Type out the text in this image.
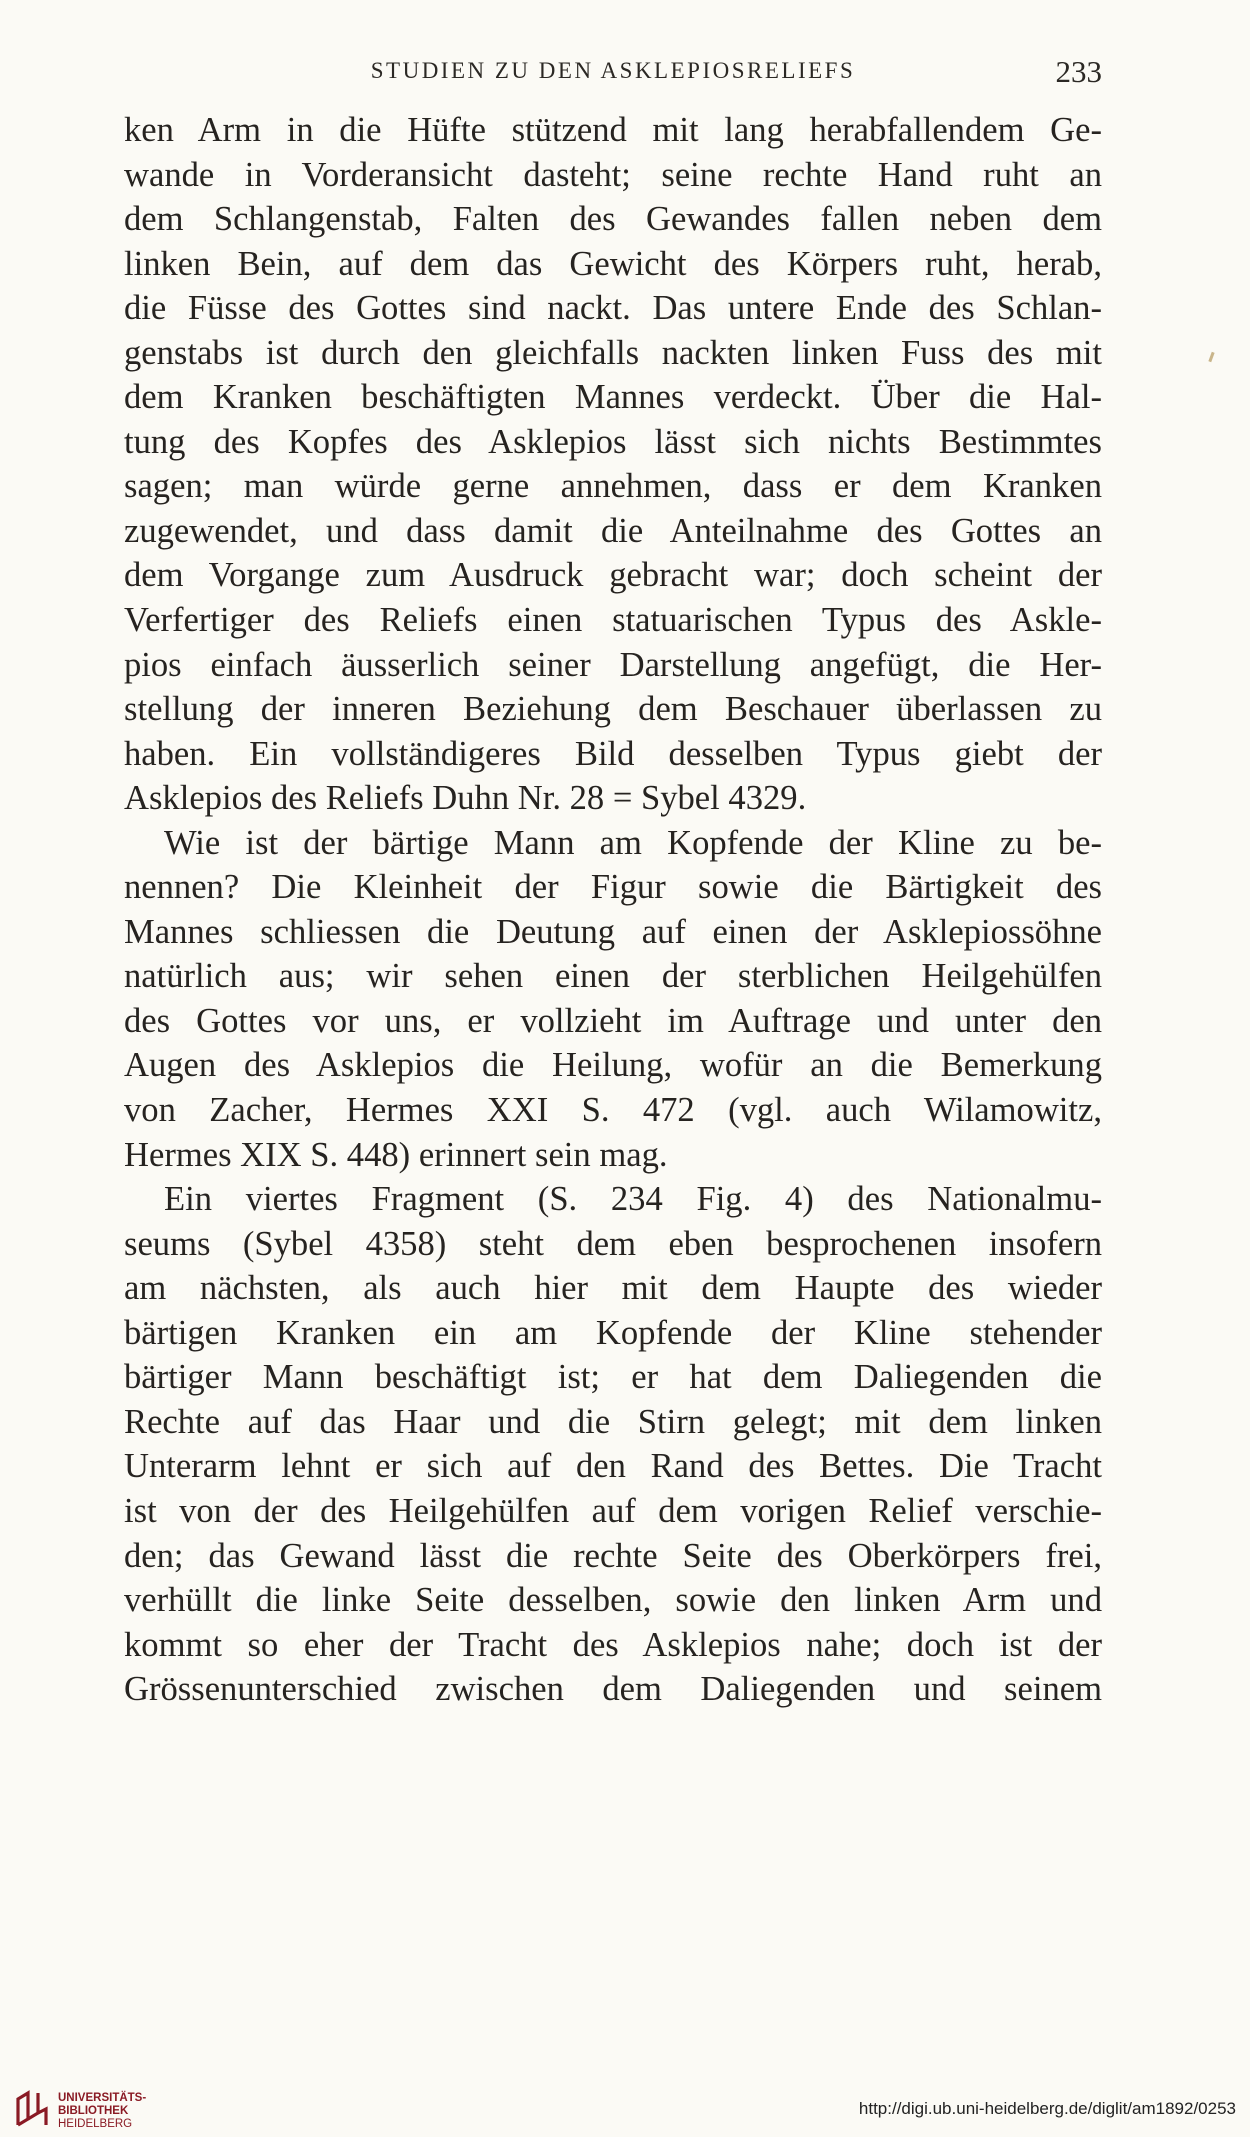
STUDIEN ZU DEN ASKLEPIOSRELIEFS	233
ken Arm in die Hüfte stützend mit lang herabfallendem Ge-
wande in Vorderansicht dasteht; seine rechte Hand ruht an
dem Schlangenstab, Falten des Gewandes fallen neben dem
linken Bein, auf dem das Gewicht des Körpers ruht, herab,
die Füsse des Gottes sind nackt. Das untere Ende des Schlan-
genstabs ist durch den gleichfalls nackten linken Fuss des mit
dem Kranken beschäftigten Mannes verdeckt. Über die Hal-
tung des Kopfes des Asklepios lässt sich nichts Bestimmtes
sagen; man würde gerne annehmen, dass er dem Kranken
zugewendet, und dass damit die Anteilnahme des Gottes an
dem Vorgange zum Ausdruck gebracht war; doch scheint der
Verfertiger des Reliefs einen statuarischen Typus des Askle-
pios einfach äusserlich seiner Darstellung angefügt, die Her-
stellung der inneren Beziehung dem Beschauer überlassen zu
haben. Ein vollständigeres Bild desselben Typus giebt der
Asklepios des Reliefs Duhn Nr. 28 = Sybel 4329.
Wie ist der bärtige Mann am Kopfende der Kline zu be-
nennen? Die Kleinheit der Figur sowie die Bärtigkeit des
Mannes schliessen die Deutung auf einen der Asklepiossöhne
natürlich aus; wir sehen einen der sterblichen Heilgehülfen
des Gottes vor uns, er vollzieht im Auftrage und unter den
Augen des Asklepios die Heilung, wofür an die Bemerkung
von Zacher, Hermes XXI S. 472 (vgl. auch Wilamowitz,
Hermes XIX S. 448) erinnert sein mag.
Ein viertes Fragment (S. 234 Fig. 4) des Nationalmu-
seums (Sybel 4358) steht dem eben besprochenen insofern
am nächsten, als auch hier mit dem Haupte des wieder
bärtigen Kranken ein am Kopfende der Kline stehender
bärtiger Mann beschäftigt ist; er hat dem Daliegenden die
Rechte auf das Haar und die Stirn gelegt; mit dem linken
Unterarm lehnt er sich auf den Rand des Bettes. Die Tracht
ist von der des Heilgehülfen auf dem vorigen Relief verschie-
den; das Gewand lässt die rechte Seite des Oberkörpers frei,
verhüllt die linke Seite desselben, sowie den linken Arm und
kommt so eher der Tracht des Asklepios nahe; doch ist der
Grössenunterschied zwischen dem Daliegenden und seinem
UNIVERSITÄTS-
BIBLIOTHEK
HEIDELBERG
http://digi.ub.uni-heidelberg.de/diglit/am1892/0253
